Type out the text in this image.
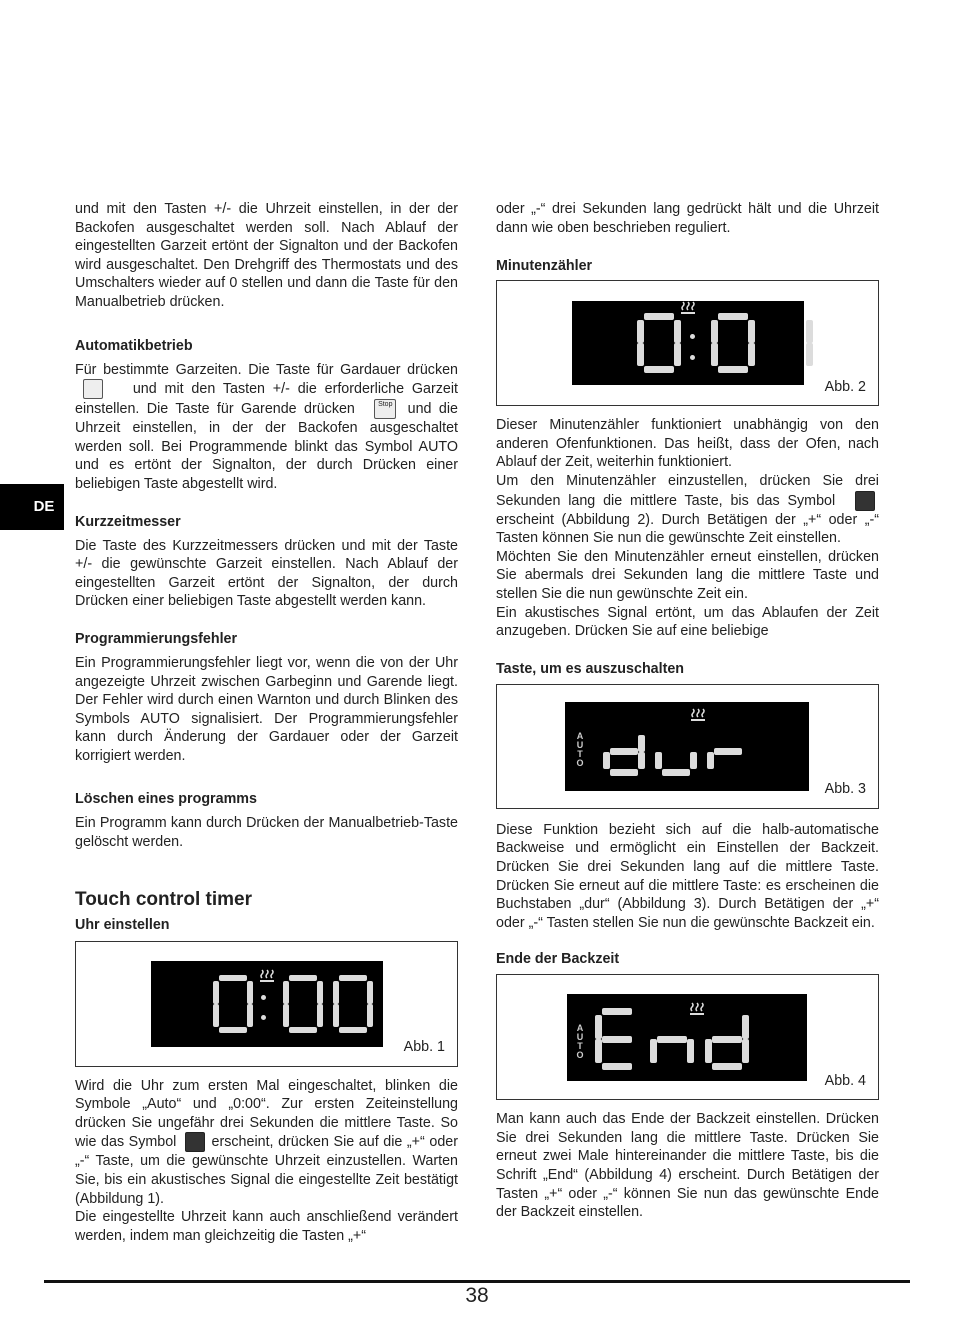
DE

und mit den Tasten +/- die Uhrzeit einstellen, in der der Backofen ausgeschaltet werden soll. Nach Ablauf der eingestellten Garzeit ertönt der Signalton und der Backofen wird ausgeschaltet. Den Drehgriff des Thermostats und des Umschalters wieder auf 0 stellen und dann die Taste für den Manualbetrieb drücken.

Automatikbetrieb

Für bestimmte Garzeiten. Die Taste für Gardauer drücken  und mit den Tasten +/- die erforderliche Garzeit einstellen. Die Taste für Garende drücken	Stop und die Uhrzeit einstellen, in der der Backofen ausgeschaltet werden soll. Bei Programmende blinkt das Symbol AUTO und es ertönt der Signalton, der durch Drücken einer beliebigen Taste abgestellt wird.

Kurzzeitmesser

Die Taste des Kurzzeitmessers drücken und mit der Taste +/- die gewünschte Garzeit einstellen. Nach Ablauf der eingestellten Garzeit ertönt der Signalton, der durch Drücken einer beliebigen Taste abgestellt werden kann.

Programmierungsfehler

Ein Programmierungsfehler liegt vor, wenn die von der Uhr angezeigte Uhrzeit zwischen Garbeginn und Garende liegt. Der Fehler wird durch einen Warnton und durch Blinken des Symbols AUTO signalisiert. Der Programmierungsfehler kann durch Änderung der Gardauer oder der Garzeit korrigiert werden.

Löschen eines programms

Ein Programm kann durch Drücken der Manualbetrieb-Taste gelöscht werden.

Touch control timer
Uhr einstellen
Abb. 1

Wird die Uhr zum ersten Mal eingeschaltet, blinken die Symbole „Auto“ und „0:00“. Zur ersten Zeiteinstellung drücken Sie ungefähr drei Sekunden die mittlere Taste. So wie das Symbol erscheint, drücken Sie auf die „+“ oder „-“ Taste, um die gewünschte Uhrzeit einzustellen. Warten Sie, bis ein akustisches Signal die eingestellte Zeit bestätigt (Abbildung 1).

Die eingestellte Uhrzeit kann auch anschließend verändert werden, indem man gleichzeitig die Tasten „+“

oder „-“ drei Sekunden lang gedrückt hält und die Uhrzeit dann wie oben beschrieben reguliert.

Minutenzähler
Abb. 2

Dieser Minutenzähler funktioniert unabhängig von den anderen Ofenfunktionen. Das heißt, dass der Ofen, nach Ablauf der Zeit, weiterhin funktioniert.

Um den Minutenzähler einzustellen, drücken Sie drei Sekunden lang die mittlere Taste, bis das Symbol  erscheint (Abbildung 2). Durch Betätigen der „+“ oder „-“ Tasten können Sie nun die gewünschte Zeit einstellen.

Möchten Sie den Minutenzähler erneut einstellen, drücken Sie abermals drei Sekunden lang die mittlere Taste und stellen Sie die nun gewünschte Zeit ein.

Ein akustisches Signal ertönt, um das Ablaufen der Zeit anzugeben. Drücken Sie auf eine beliebige

Taste, um es auszuschalten
A
U
T
O
Abb. 3

Diese Funktion bezieht sich auf die halb-automatische Backweise und ermöglicht ein Einstellen der Backzeit. Drücken Sie drei Sekunden lang auf die mittlere Taste. Drücken Sie erneut auf die mittlere Taste: es erscheinen die Buchstaben „dur“ (Abbildung 3). Durch Betätigen der „+“ oder „-“ Tasten stellen Sie nun die gewünschte Backzeit ein.

Ende der Backzeit
A
U
T
O
Abb. 4

Man kann auch das Ende der Backzeit einstellen. Drücken Sie drei Sekunden lang die mittlere Taste. Drücken Sie erneut zwei Male hintereinander die mittlere Taste, bis die Schrift „End“ (Abbildung 4) erscheint. Durch Betätigen der Tasten „+“ oder „-“ können Sie nun das gewünschte Ende der Backzeit einstellen.

38
